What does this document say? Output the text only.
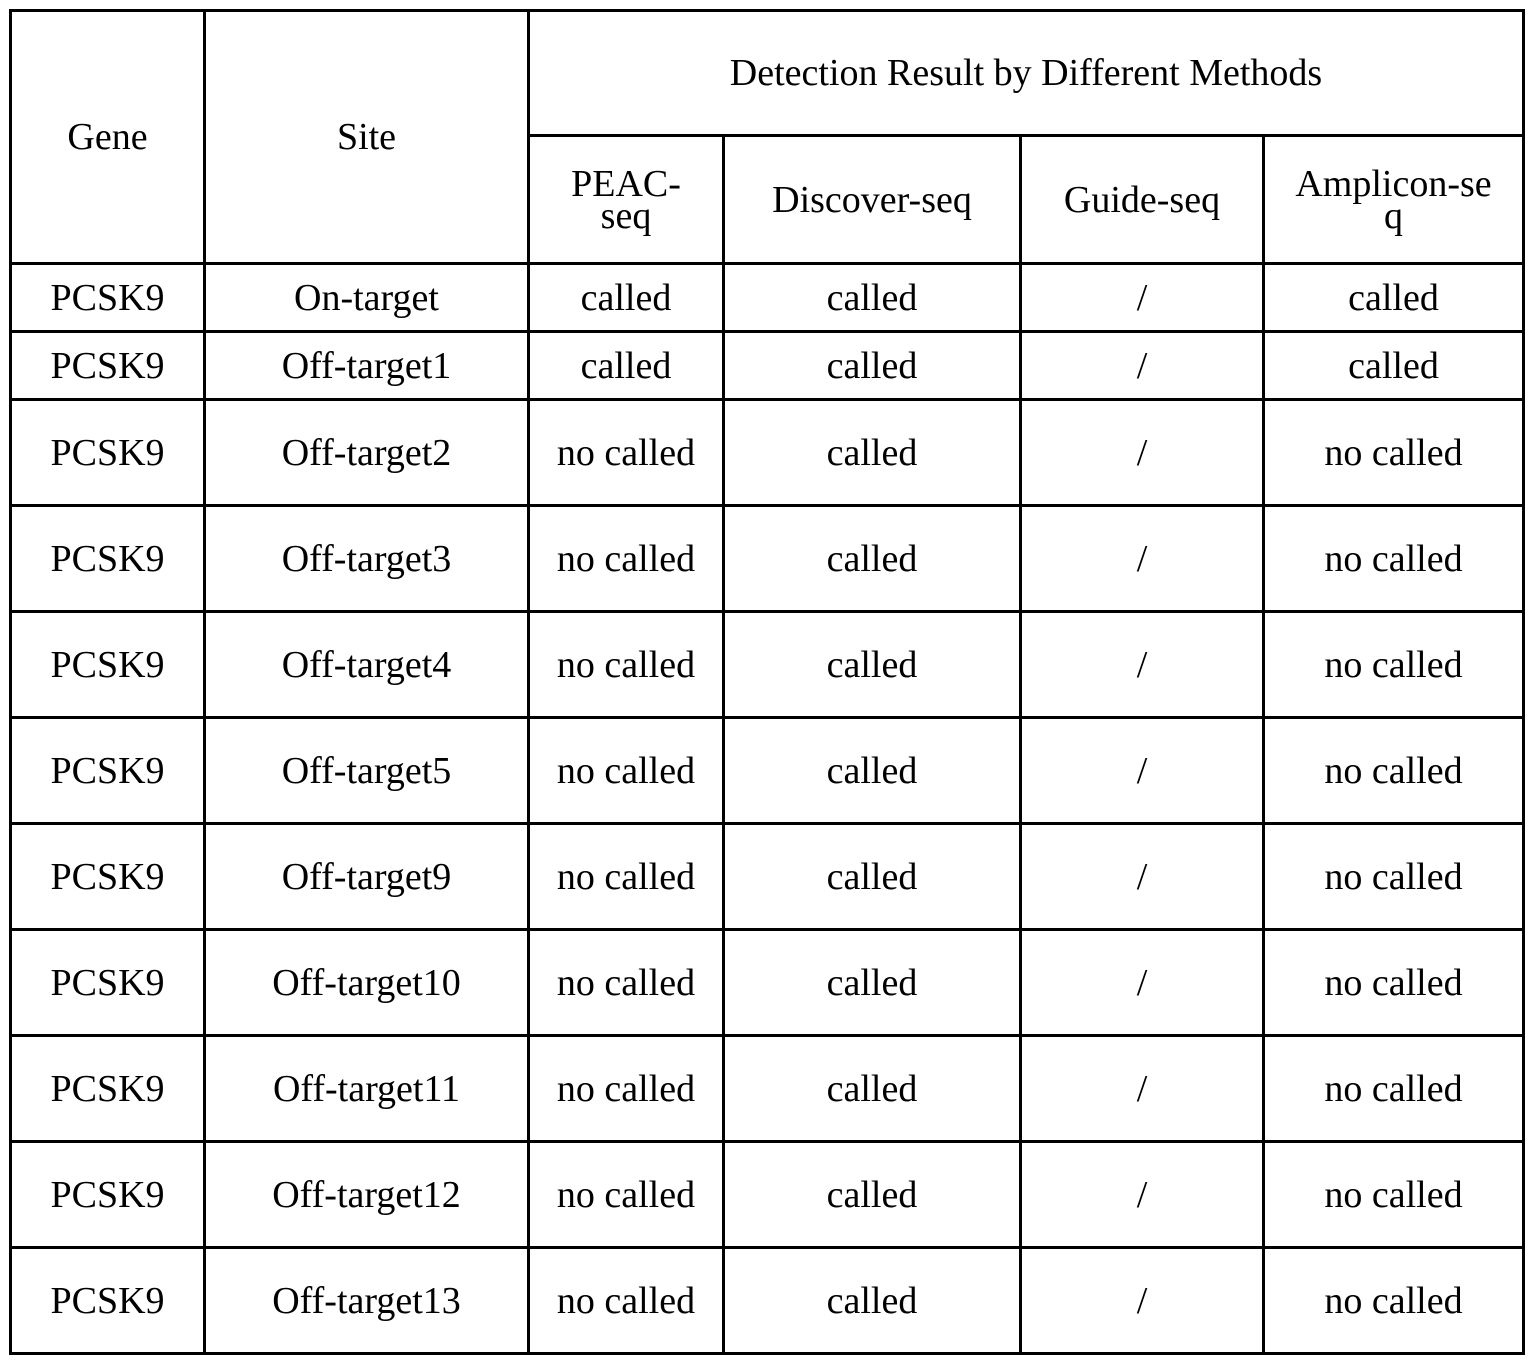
Gene	Site	Detection Result by Different Methods
PEAC-seq	Discover-seq	Guide-seq	Amplicon-seq
PCSK9	On-target	called	called	/	called
PCSK9	Off-target1	called	called	/	called
PCSK9	Off-target2	no called	called	/	no called
PCSK9	Off-target3	no called	called	/	no called
PCSK9	Off-target4	no called	called	/	no called
PCSK9	Off-target5	no called	called	/	no called
PCSK9	Off-target9	no called	called	/	no called
PCSK9	Off-target10	no called	called	/	no called
PCSK9	Off-target11	no called	called	/	no called
PCSK9	Off-target12	no called	called	/	no called
PCSK9	Off-target13	no called	called	/	no called
